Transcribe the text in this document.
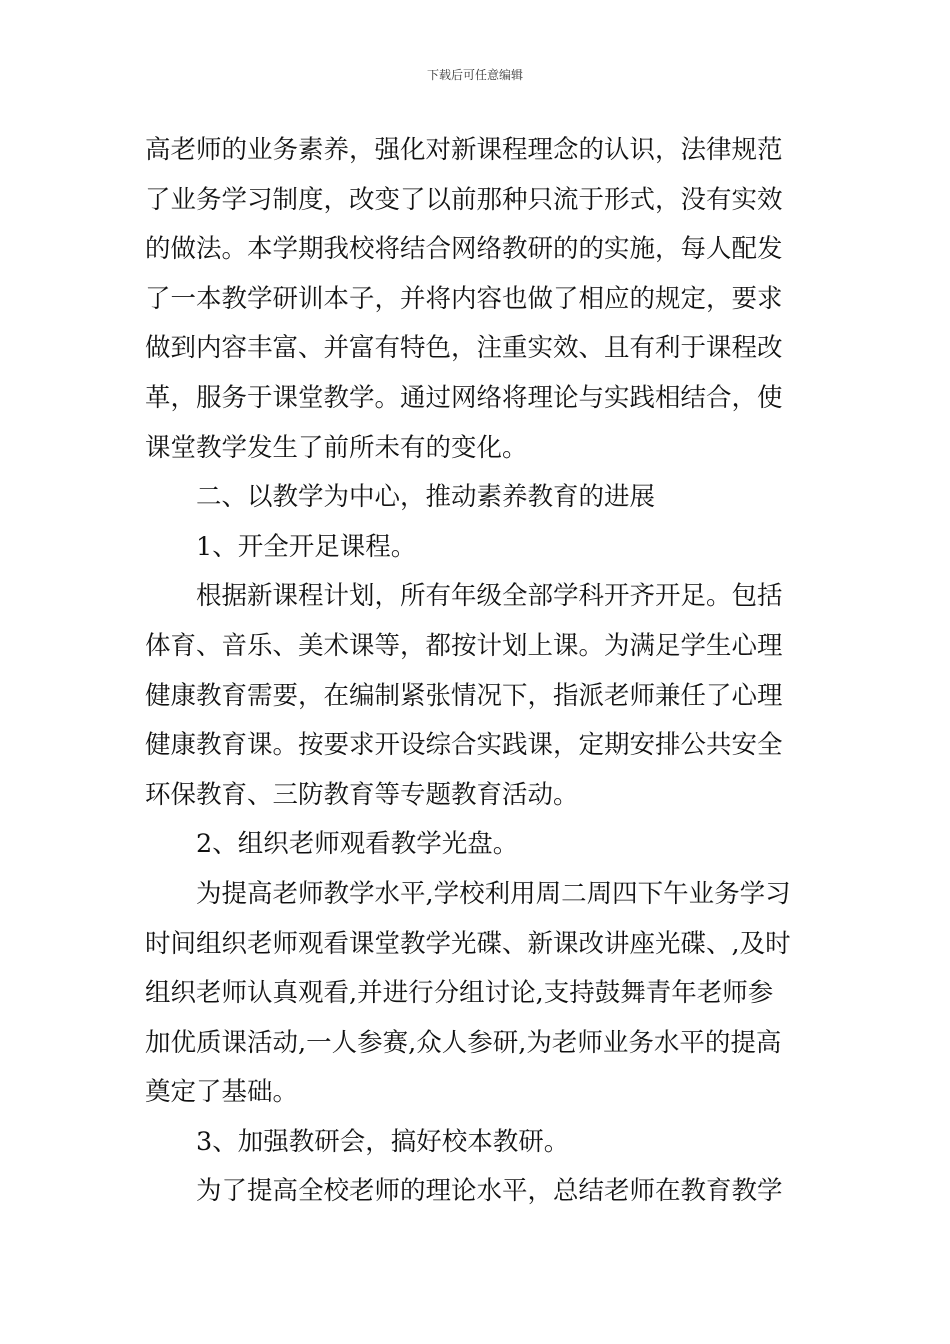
下载后可任意编辑
高老师的业务素养，强化对新课程理念的认识，法律规范
了业务学习制度，改变了以前那种只流于形式，没有实效
的做法。本学期我校将结合网络教研的的实施，每人配发
了一本教学研训本子，并将内容也做了相应的规定，要求
做到内容丰富、并富有特色，注重实效、且有利于课程改
革，服务于课堂教学。通过网络将理论与实践相结合，使
课堂教学发生了前所未有的变化。
二、以教学为中心，推动素养教育的进展
1、开全开足课程。
根据新课程计划，所有年级全部学科开齐开足。包括
体育、音乐、美术课等，都按计划上课。为满足学生心理
健康教育需要，在编制紧张情况下，指派老师兼任了心理
健康教育课。按要求开设综合实践课，定期安排公共安全
环保教育、三防教育等专题教育活动。
2、组织老师观看教学光盘。
为提高老师教学水平,学校利用周二周四下午业务学习
时间组织老师观看课堂教学光碟、新课改讲座光碟、,及时
组织老师认真观看,并进行分组讨论,支持鼓舞青年老师参
加优质课活动,一人参赛,众人参研,为老师业务水平的提高
奠定了基础。
3、加强教研会，搞好校本教研。
为了提高全校老师的理论水平，总结老师在教育教学
